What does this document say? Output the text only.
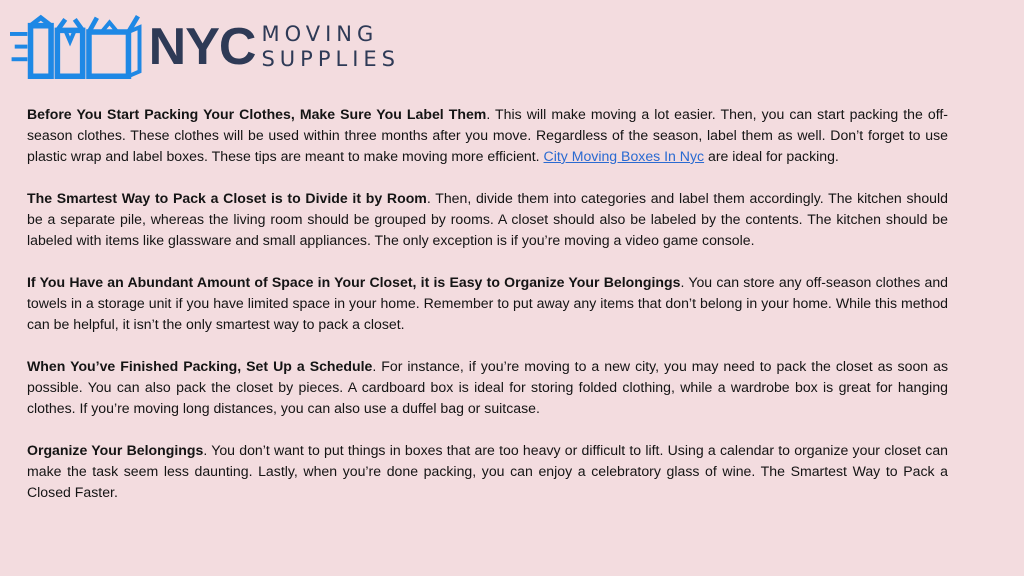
NYC MOVING
SUPPLIES

Before You Start Packing Your Clothes, Make Sure You Label Them. This will make moving a lot easier. Then, you can start packing the off-season clothes. These clothes will be used within three months after you move. Regardless of the season, label them as well. Don’t forget to use plastic wrap and label boxes. These tips are meant to make moving more efficient. City Moving Boxes In Nyc are ideal for packing.

The Smartest Way to Pack a Closet is to Divide it by Room. Then, divide them into categories and label them accordingly. The kitchen should be a separate pile, whereas the living room should be grouped by rooms. A closet should also be labeled by the contents. The kitchen should be labeled with items like glassware and small appliances. The only exception is if you’re moving a video game console.

If You Have an Abundant Amount of Space in Your Closet, it is Easy to Organize Your Belongings. You can store any off-season clothes and towels in a storage unit if you have limited space in your home. Remember to put away any items that don’t belong in your home. While this method can be helpful, it isn’t the only smartest way to pack a closet.

When You’ve Finished Packing, Set Up a Schedule. For instance, if you’re moving to a new city, you may need to pack the closet as soon as possible. You can also pack the closet by pieces. A cardboard box is ideal for storing folded clothing, while a wardrobe box is great for hanging clothes. If you’re moving long distances, you can also use a duffel bag or suitcase.

Organize Your Belongings. You don’t want to put things in boxes that are too heavy or difficult to lift. Using a calendar to organize your closet can make the task seem less daunting. Lastly, when you’re done packing, you can enjoy a celebratory glass of wine. The Smartest Way to Pack a Closed Faster.
